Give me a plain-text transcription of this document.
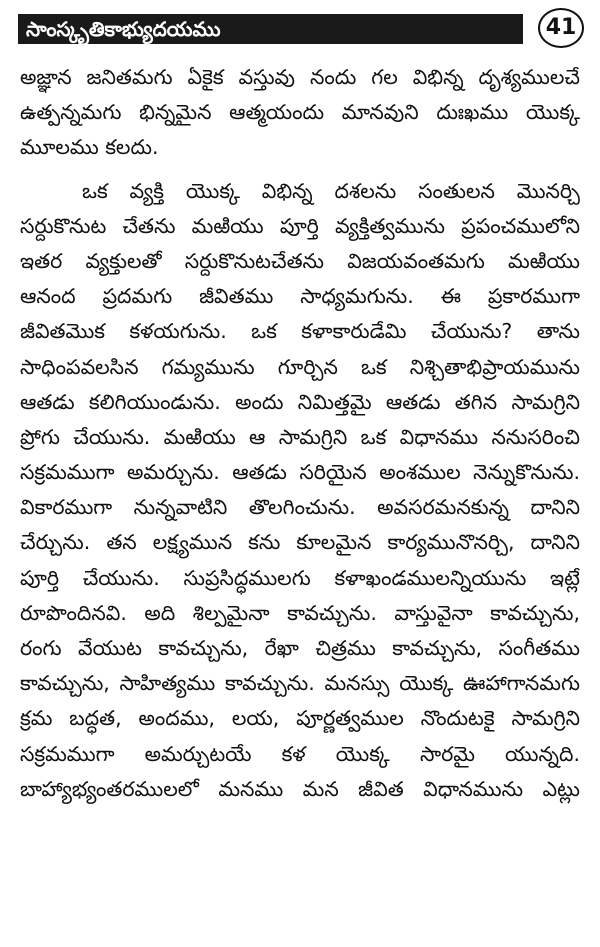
సాంస్కృతికాభ్యుదయము	41
అజ్ఞాన జనితమగు ఏకైక వస్తువు నందు గల విభిన్న దృశ్యములచే
ఉత్పన్నమగు భిన్నమైన ఆత్మయందు మానవుని దుఃఖము యొక్క
మూలము కలదు.
ఒక వ్యక్తి యొక్క విభిన్న దశలను సంతులన మొనర్చి
సర్దుకొనుట చేతను మఱియు పూర్తి వ్యక్తిత్వమును ప్రపంచములోని
ఇతర వ్యక్తులతో సర్దుకొనుటచేతను విజయవంతమగు మఱియు
ఆనంద ప్రదమగు జీవితము సాధ్యమగును. ఈ ప్రకారముగా
జీవితమొక కళయగును. ఒక కళాకారుడేమి చేయును? తాను
సాధింపవలసిన గమ్యమును గూర్చిన ఒక నిశ్చితాభిప్రాయమును
ఆతడు కలిగియుండును. అందు నిమిత్తమై ఆతడు తగిన సామగ్రిని
ప్రోగు చేయును. మఱియు ఆ సామగ్రిని ఒక విధానము ననుసరించి
సక్రమముగా అమర్చును. ఆతడు సరియైన అంశముల నెన్నుకొనును.
వికారముగా నున్నవాటిని తొలగించును. అవసరమనకున్న దానిని
చేర్చును. తన లక్ష్యమున కను కూలమైన కార్యమునొనర్చి, దానిని
పూర్తి చేయును. సుప్రసిద్ధములగు కళాఖండములన్నియును ఇట్లే
రూపొందినవి. అది శిల్పమైనా కావచ్చును. వాస్తువైనా కావచ్చును,
రంగు వేయుట కావచ్చును, రేఖా చిత్రము కావచ్చును, సంగీతము
కావచ్చును, సాహిత్యము కావచ్చును. మనస్సు యొక్క ఊహాగానమగు
క్రమ బద్ధత, అందము, లయ, పూర్ణత్వముల నొందుటకై సామగ్రిని
సక్రమముగా అమర్చుటయే కళ యొక్క సారమై యున్నది.
బాహ్యాభ్యంతరములలో మనము మన జీవిత విధానమును ఎట్లు
